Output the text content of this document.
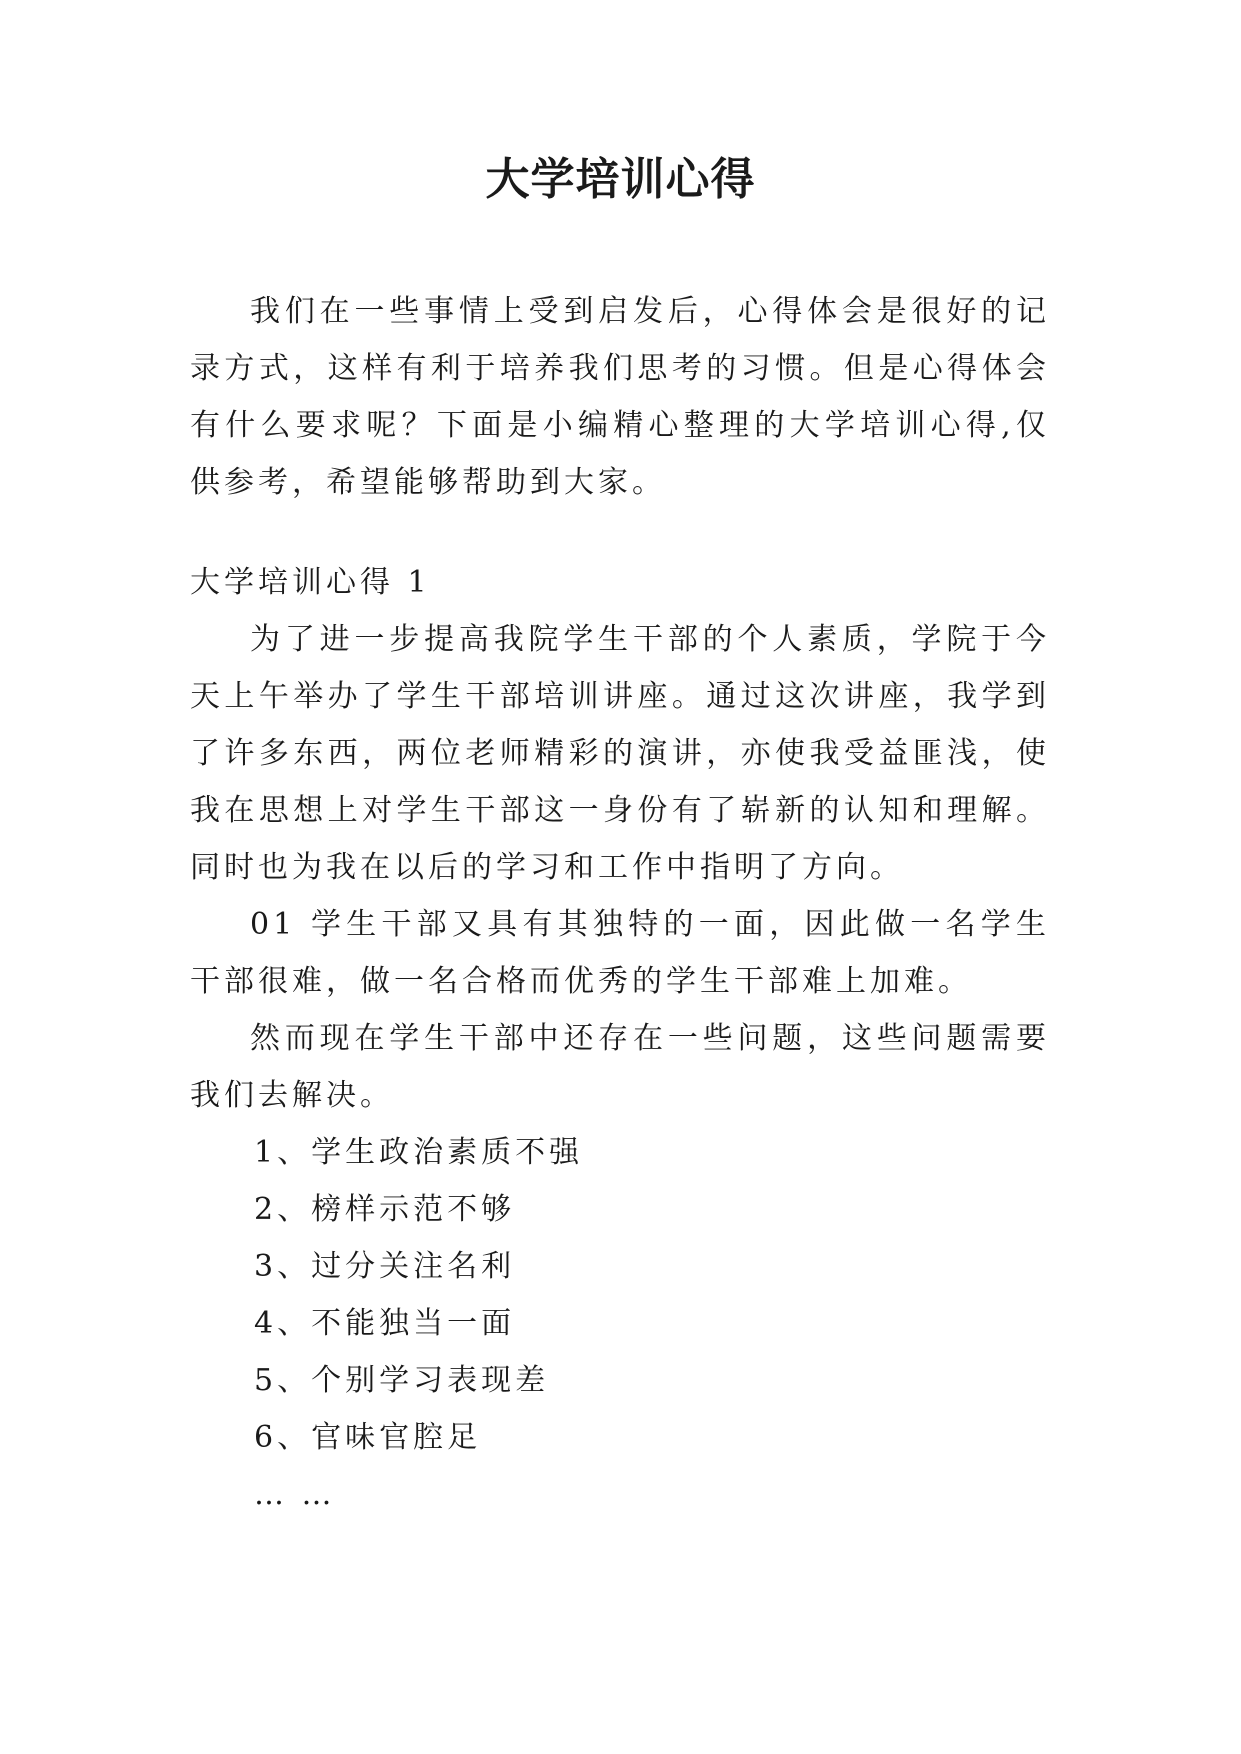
大学培训心得

我们在一些事情上受到启发后，心得体会是很好的记录方式，这样有利于培养我们思考的习惯。但是心得体会有什么要求呢？下面是小编精心整理的大学培训心得,仅供参考，希望能够帮助到大家。

大学培训心得 1

为了进一步提高我院学生干部的个人素质，学院于今天上午举办了学生干部培训讲座。通过这次讲座，我学到了许多东西，两位老师精彩的演讲，亦使我受益匪浅，使我在思想上对学生干部这一身份有了崭新的认知和理解。同时也为我在以后的学习和工作中指明了方向。

01 学生干部又具有其独特的一面，因此做一名学生干部很难，做一名合格而优秀的学生干部难上加难。

然而现在学生干部中还存在一些问题，这些问题需要我们去解决。

1、学生政治素质不强

2、榜样示范不够

3、过分关注名利

4、不能独当一面

5、个别学习表现差

6、官味官腔足

… …
